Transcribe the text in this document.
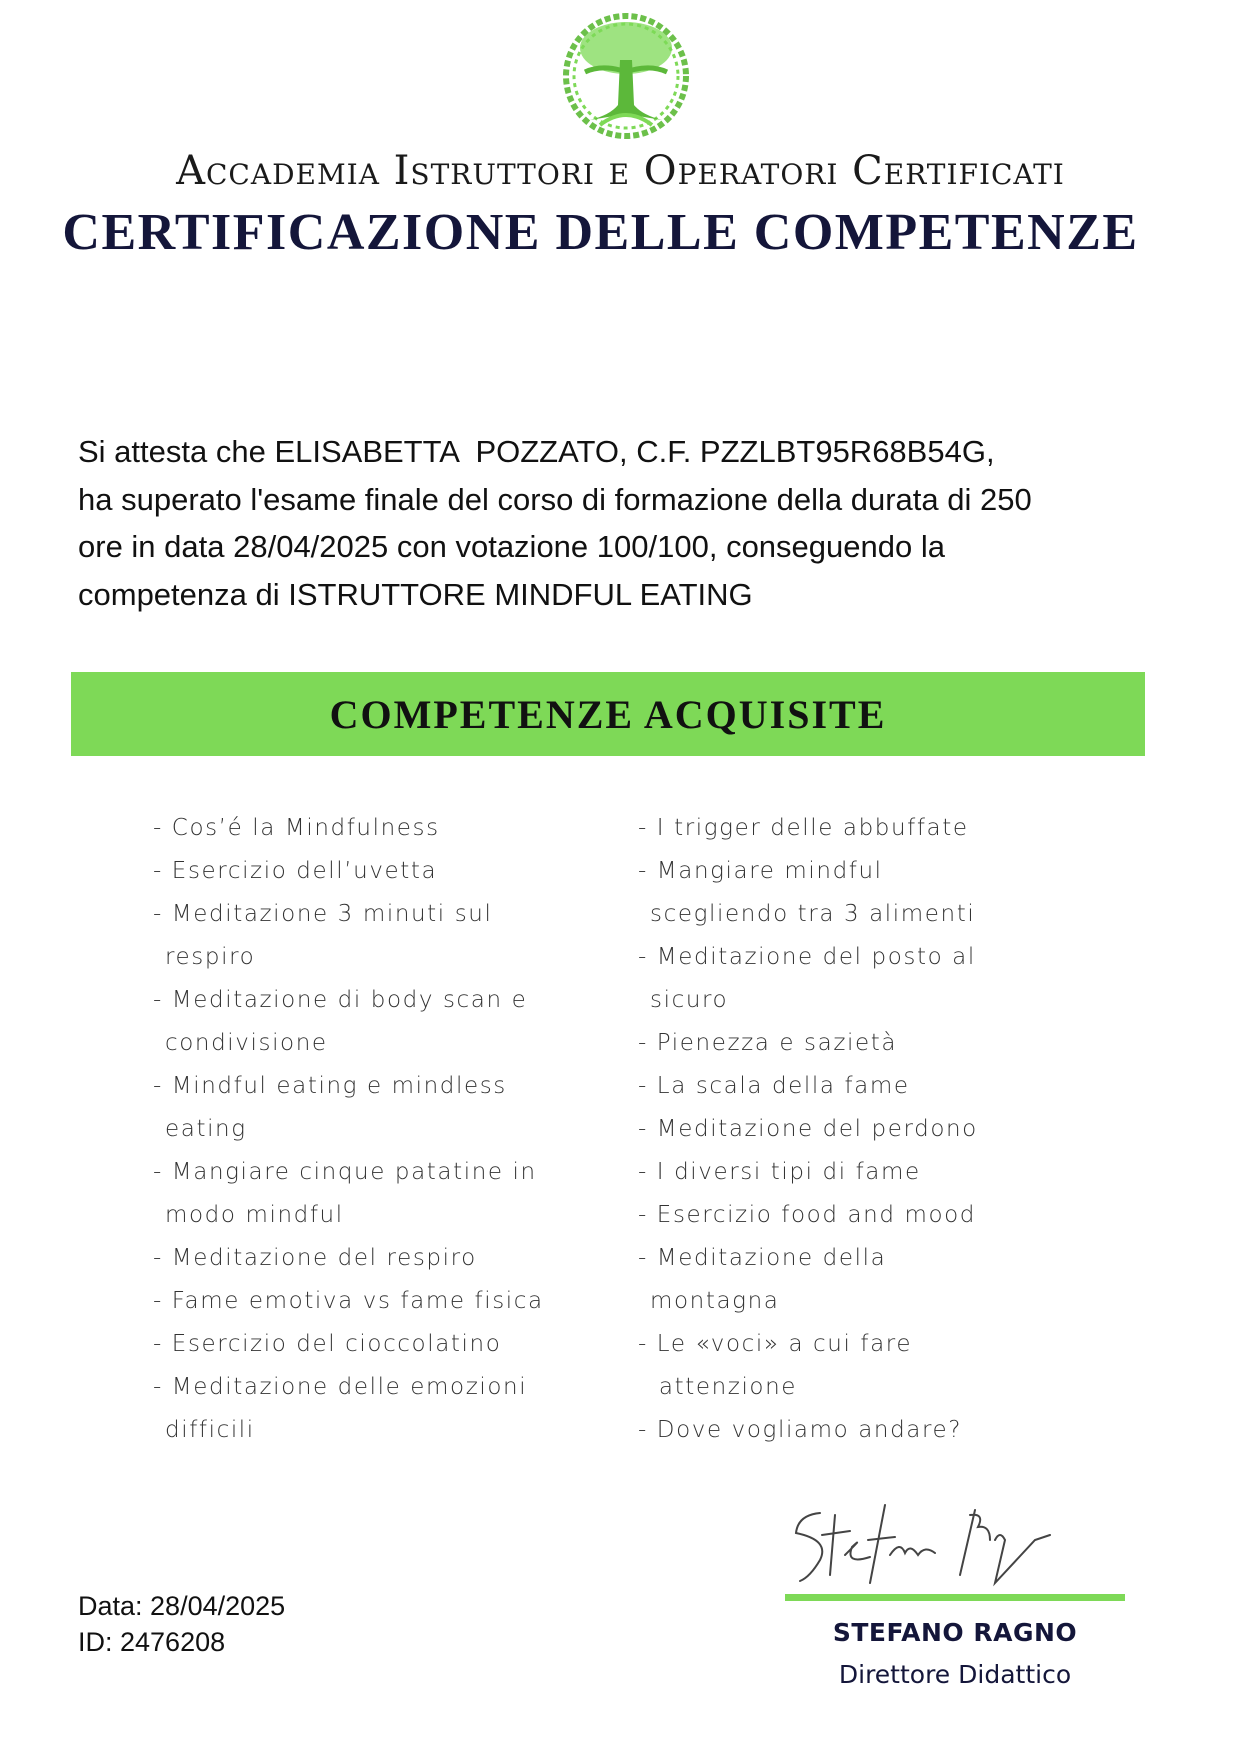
Accademia Istruttori e Operatori Certificati
CERTIFICAZIONE DELLE COMPETENZE
Si attesta che ELISABETTA  POZZATO, C.F. PZZLBT95R68B54G,
ha superato l'esame finale del corso di formazione della durata di 250
ore in data 28/04/2025 con votazione 100/100, conseguendo la
competenza di ISTRUTTORE MINDFUL EATING
COMPETENZE ACQUISITE
- Cos’é la Mindfulness
- Esercizio dell’uvetta
- Meditazione 3 minuti sul
respiro
- Meditazione di body scan e
condivisione
- Mindful eating e mindless
eating
- Mangiare cinque patatine in
modo mindful
- Meditazione del respiro
- Fame emotiva vs fame fisica
- Esercizio del cioccolatino
- Meditazione delle emozioni
difficili
- I trigger delle abbuffate
- Mangiare mindful
scegliendo tra 3 alimenti
- Meditazione del posto al
sicuro
- Pienezza e sazietà
- La scala della fame
- Meditazione del perdono
- I diversi tipi di fame
- Esercizio food and mood
- Meditazione della
montagna
- Le «voci» a cui fare
attenzione
- Dove vogliamo andare?
Data: 28/04/2025
ID: 2476208	STEFANO RAGNO
Direttore Didattico
